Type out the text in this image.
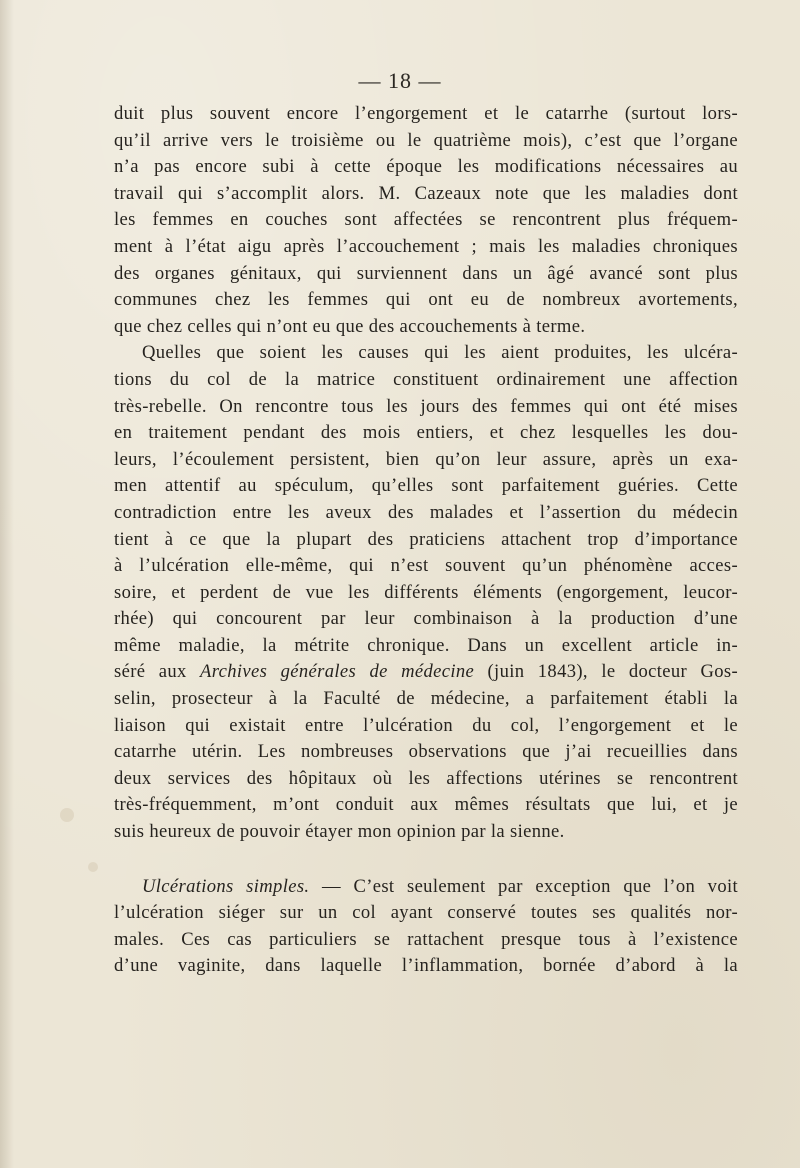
— 18 —
duit plus souvent encore l’engorgement et le catarrhe (surtout lors-
qu’il arrive vers le troisième ou le quatrième mois), c’est que l’organe
n’a pas encore subi à cette époque les modifications nécessaires au
travail qui s’accomplit alors. M. Cazeaux note que les maladies dont
les femmes en couches sont affectées se rencontrent plus fréquem-
ment à l’état aigu après l’accouchement ; mais les maladies chroniques
des organes génitaux, qui surviennent dans un âgé avancé sont plus
communes chez les femmes qui ont eu de nombreux avortements,
que chez celles qui n’ont eu que des accouchements à terme.
Quelles que soient les causes qui les aient produites, les ulcéra-
tions du col de la matrice constituent ordinairement une affection
très-rebelle. On rencontre tous les jours des femmes qui ont été mises
en traitement pendant des mois entiers, et chez lesquelles les dou-
leurs, l’écoulement persistent, bien qu’on leur assure, après un exa-
men attentif au spéculum, qu’elles sont parfaitement guéries. Cette
contradiction entre les aveux des malades et l’assertion du médecin
tient à ce que la plupart des praticiens attachent trop d’importance
à l’ulcération elle-même, qui n’est souvent qu’un phénomène acces-
soire, et perdent de vue les différents éléments (engorgement, leucor-
rhée) qui concourent par leur combinaison à la production d’une
même maladie, la métrite chronique. Dans un excellent article in-
séré aux Archives générales de médecine (juin 1843), le docteur Gos-
selin, prosecteur à la Faculté de médecine, a parfaitement établi la
liaison qui existait entre l’ulcération du col, l’engorgement et le
catarrhe utérin. Les nombreuses observations que j’ai recueillies dans
deux services des hôpitaux où les affections utérines se rencontrent
très-fréquemment, m’ont conduit aux mêmes résultats que lui, et je
suis heureux de pouvoir étayer mon opinion par la sienne.
Ulcérations simples. — C’est seulement par exception que l’on voit
l’ulcération siéger sur un col ayant conservé toutes ses qualités nor-
males. Ces cas particuliers se rattachent presque tous à l’existence
d’une vaginite, dans laquelle l’inflammation, bornée d’abord à la
